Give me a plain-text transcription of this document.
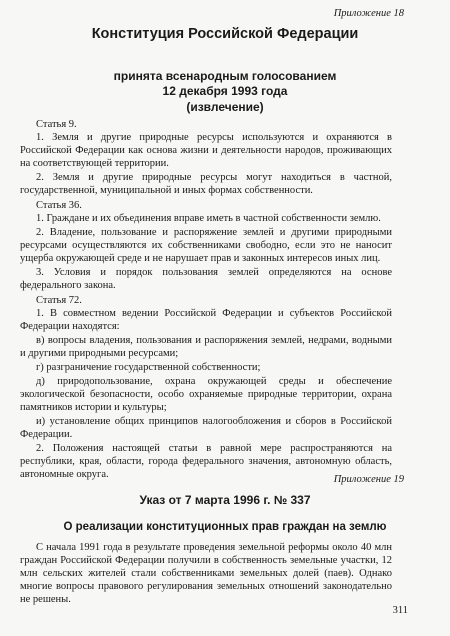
Приложение 18
Конституция Российской Федерации
принята всенародным голосованием
12 декабря 1993 года
(извлечение)

Статья 9.

1. Земля и другие природные ресурсы используются и охраняются в Российской Федерации как основа жизни и деятельности народов, проживающих на соответствующей территории.

2. Земля и другие природные ресурсы могут находиться в частной, государственной, муниципальной и иных формах собственности.

Статья 36.

1. Граждане и их объединения вправе иметь в частной собственности землю.

2. Владение, пользование и распоряжение землей и другими природными ресурсами осуществляются их собственниками свободно, если это не наносит ущерба окружающей среде и не нарушает прав и законных интересов иных лиц.

3. Условия и порядок пользования землей определяются на основе федерального закона.

Статья 72.

1. В совместном ведении Российской Федерации и субъектов Российской Федерации находятся:

в) вопросы владения, пользования и распоряжения землей, недрами, водными и другими природными ресурсами;

г) разграничение государственной собственности;

д) природопользование, охрана окружающей среды и обеспечение экологической безопасности, особо охраняемые природные территории, охрана памятников истории и культуры;

и) установление общих принципов налогообложения и сборов в Российской Федерации.

2. Положения настоящей статьи в равной мере распространяются на республики, края, области, города федерального значения, автономную область, автономные округа.	Приложение 19
Указ от 7 марта 1996 г. № 337
О реализации конституционных прав граждан на землю

С начала 1991 года в результате проведения земельной реформы около 40 млн граждан Российской Федерации получили в собственность земельные участки, 12 млн сельских жителей стали собственниками земельных долей (паев). Однако многие вопросы правового регулирования земельных отношений законодательно не решены.

311
